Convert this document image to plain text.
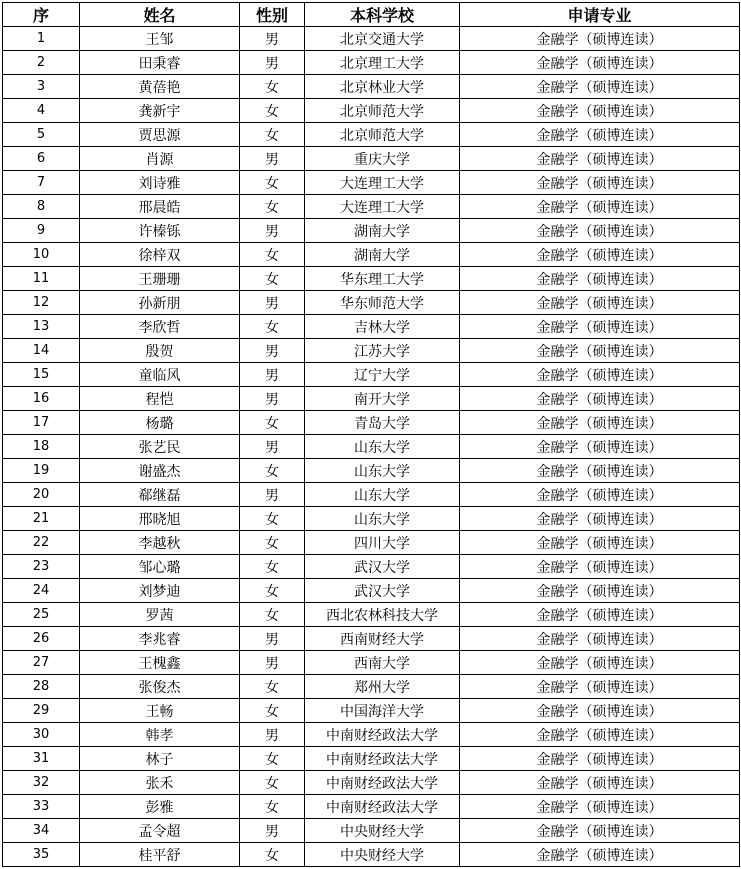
序	姓名	性别	本科学校	申请专业
1	王邹	男	北京交通大学	金融学（硕博连读）
2	田秉睿	男	北京理工大学	金融学（硕博连读）
3	黄蓓艳	女	北京林业大学	金融学（硕博连读）
4	龚新宇	女	北京师范大学	金融学（硕博连读）
5	贾思源	女	北京师范大学	金融学（硕博连读）
6	肖源	男	重庆大学	金融学（硕博连读）
7	刘诗雅	女	大连理工大学	金融学（硕博连读）
8	邢晨皓	女	大连理工大学	金融学（硕博连读）
9	许榛铄	男	湖南大学	金融学（硕博连读）
10	徐梓双	女	湖南大学	金融学（硕博连读）
11	王珊珊	女	华东理工大学	金融学（硕博连读）
12	孙新朋	男	华东师范大学	金融学（硕博连读）
13	李欣哲	女	吉林大学	金融学（硕博连读）
14	殷贺	男	江苏大学	金融学（硕博连读）
15	童临风	男	辽宁大学	金融学（硕博连读）
16	程恺	男	南开大学	金融学（硕博连读）
17	杨璐	女	青岛大学	金融学（硕博连读）
18	张艺民	男	山东大学	金融学（硕博连读）
19	谢盛杰	女	山东大学	金融学（硕博连读）
20	郗继磊	男	山东大学	金融学（硕博连读）
21	邢晓旭	女	山东大学	金融学（硕博连读）
22	李越秋	女	四川大学	金融学（硕博连读）
23	邹心璐	女	武汉大学	金融学（硕博连读）
24	刘梦迪	女	武汉大学	金融学（硕博连读）
25	罗茜	女	西北农林科技大学	金融学（硕博连读）
26	李兆睿	男	西南财经大学	金融学（硕博连读）
27	王槐鑫	男	西南大学	金融学（硕博连读）
28	张俊杰	女	郑州大学	金融学（硕博连读）
29	王畅	女	中国海洋大学	金融学（硕博连读）
30	韩孝	男	中南财经政法大学	金融学（硕博连读）
31	林子	女	中南财经政法大学	金融学（硕博连读）
32	张禾	女	中南财经政法大学	金融学（硕博连读）
33	彭雅	女	中南财经政法大学	金融学（硕博连读）
34	孟令超	男	中央财经大学	金融学（硕博连读）
35	桂平舒	女	中央财经大学	金融学（硕博连读）
